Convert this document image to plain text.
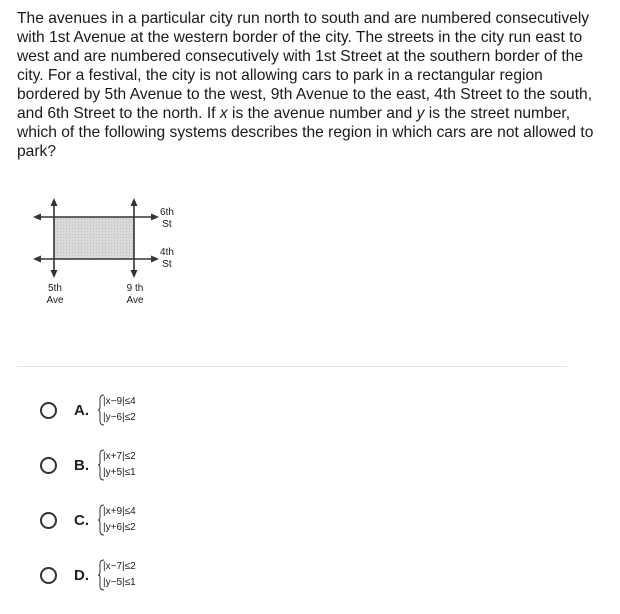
The avenues in a particular city run north to south and are numbered consecutively with 1st Avenue at the western border of the city. The streets in the city run east to west and are numbered consecutively with 1st Street at the southern border of the city. For a festival, the city is not allowing cars to park in a rectangular region bordered by 5th Avenue to the west, 9th Avenue to the east, 4th Street to the south, and 6th Street to the north. If x is the avenue number and y is the street number, which of the following systems describes the region in which cars are not allowed to park?

6th
St
4th
St
5th
Ave
9 th
Ave
A.
|x−9|≤4
|y−6|≤2
B.
|x+7|≤2
|y+5|≤1
C.
|x+9|≤4
|y+6|≤2
D.
|x−7|≤2
|y−5|≤1
